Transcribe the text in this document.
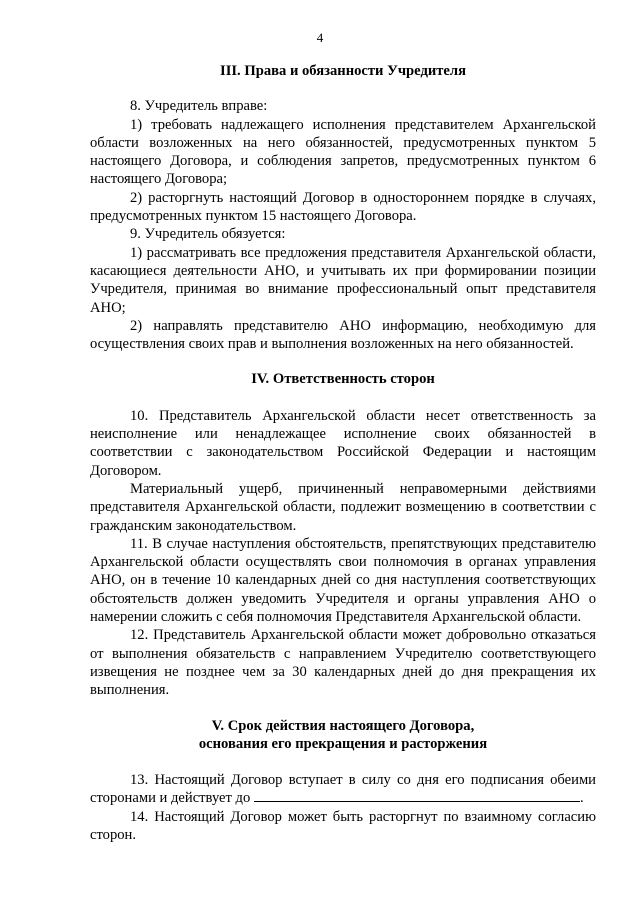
4

III. Права и обязанности Учредителя

8. Учредитель вправе:

1) требовать надлежащего исполнения представителем Архангельской области возложенных на него обязанностей, предусмотренных пунктом 5 настоящего Договора, и соблюдения запретов, предусмотренных пунктом 6 настоящего Договора;

2) расторгнуть настоящий Договор в одностороннем порядке в случаях, предусмотренных пунктом 15 настоящего Договора.

9. Учредитель обязуется:

1) рассматривать все предложения представителя Архангельской области, касающиеся деятельности АНО, и учитывать их при формировании позиции Учредителя, принимая во внимание профессиональный опыт представителя АНО;

2) направлять представителю АНО информацию, необходимую для осуществления своих прав и выполнения возложенных на него обязанностей.

IV. Ответственность сторон

10. Представитель Архангельской области несет ответственность за неисполнение или ненадлежащее исполнение своих обязанностей в соответствии с законодательством Российской Федерации и настоящим Договором.

Материальный ущерб, причиненный неправомерными действиями представителя Архангельской области, подлежит возмещению в соответствии с гражданским законодательством.

11. В случае наступления обстоятельств, препятствующих представителю Архангельской области осуществлять свои полномочия в органах управления АНО, он в течение 10 календарных дней со дня наступления соответствующих обстоятельств должен уведомить Учредителя и органы управления АНО о намерении сложить с себя полномочия Представителя Архангельской области.

12. Представитель Архангельской области может добровольно отказаться от выполнения обязательств с направлением Учредителю соответствующего извещения не позднее чем за 30 календарных дней до дня прекращения их выполнения.

V. Срок действия настоящего Договора,
основания его прекращения и расторжения

13. Настоящий Договор вступает в силу со дня его подписания обеими сторонами и действует до	.

14. Настоящий Договор может быть расторгнут по взаимному согласию сторон.
